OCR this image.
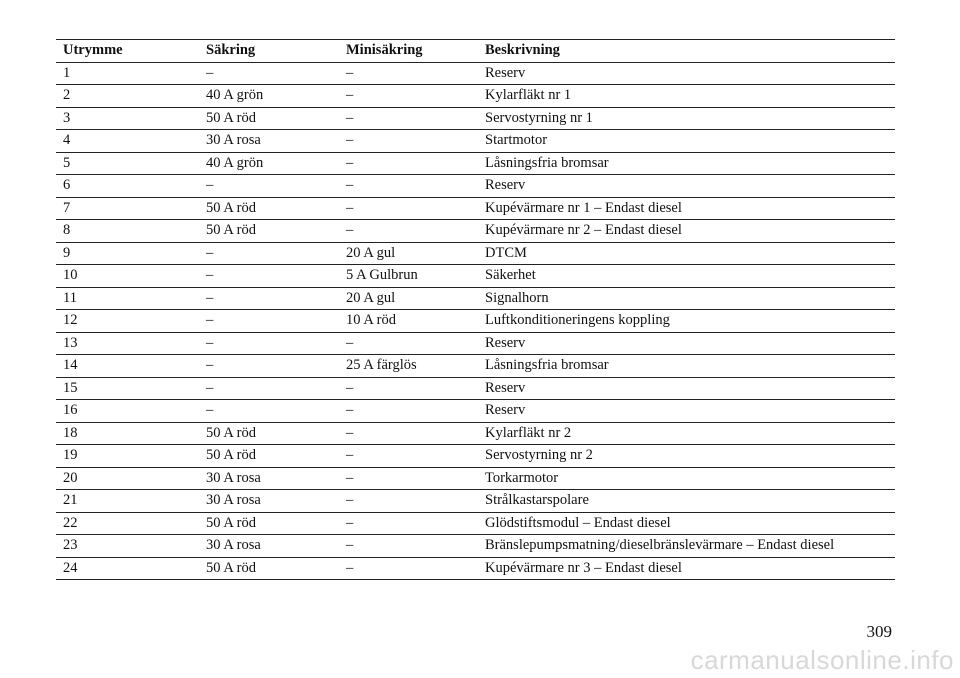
Utrymme	Säkring	Minisäkring	Beskrivning
1	–	–	Reserv
2	40 A grön	–	Kylarfläkt nr 1
3	50 A röd	–	Servostyrning nr 1
4	30 A rosa	–	Startmotor
5	40 A grön	–	Låsningsfria bromsar
6	–	–	Reserv
7	50 A röd	–	Kupévärmare nr 1 – Endast diesel
8	50 A röd	–	Kupévärmare nr 2 – Endast diesel
9	–	20 A gul	DTCM
10	–	5 A Gulbrun	Säkerhet
11	–	20 A gul	Signalhorn
12	–	10 A röd	Luftkonditioneringens koppling
13	–	–	Reserv
14	–	25 A färglös	Låsningsfria bromsar
15	–	–	Reserv
16	–	–	Reserv
18	50 A röd	–	Kylarfläkt nr 2
19	50 A röd	–	Servostyrning nr 2
20	30 A rosa	–	Torkarmotor
21	30 A rosa	–	Strålkastarspolare
22	50 A röd	–	Glödstiftsmodul – Endast diesel
23	30 A rosa	–	Bränslepumpsmatning/dieselbränslevärmare – Endast diesel
24	50 A röd	–	Kupévärmare nr 3 – Endast diesel
309
carmanualsonline.info
